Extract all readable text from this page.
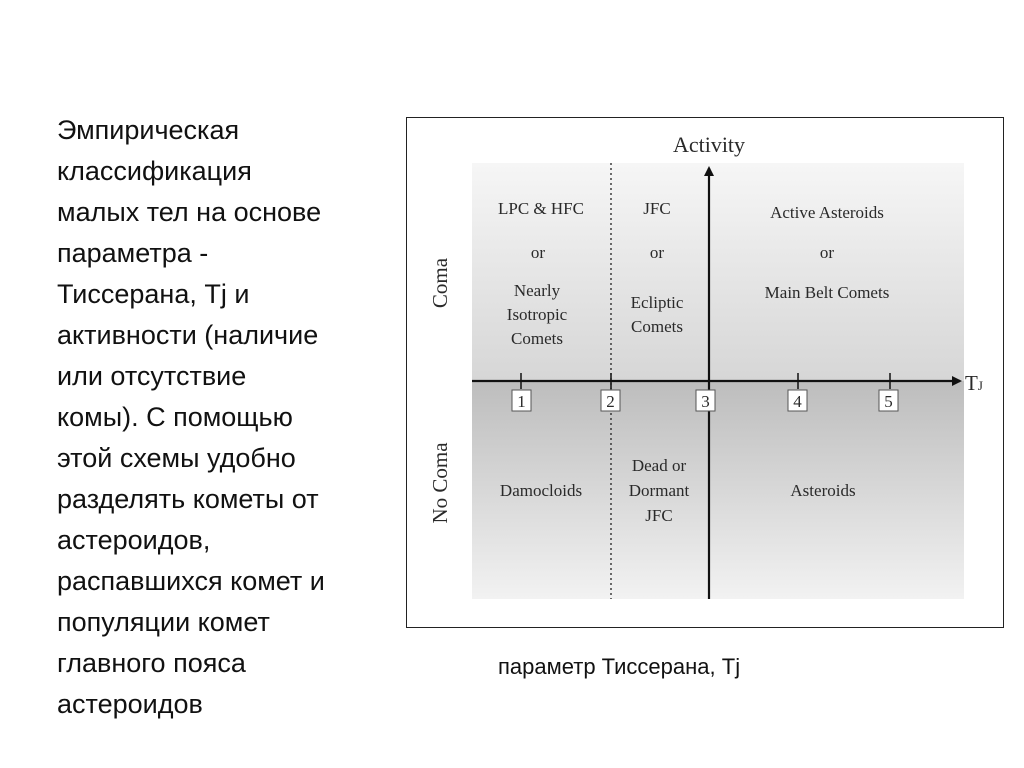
Эмпирическая
классификация
малых тел на основе
параметра -
Тиссерана, Tj и
активности (наличие
или отсутствие
комы). С помощью
этой схемы удобно
разделять кометы от
астероидов,
распавшихся комет и
популяции комет
главного пояса
астероидов
1	2	3	4	5
Activity
TJ
Coma
No Coma
LPC & HFC
or
Nearly
Isotropic
Comets
JFC
or
Ecliptic
Comets
Active Asteroids
or
Main Belt Comets
Damocloids
Dead or
Dormant
JFC
Asteroids
параметр Тиссерана, Tj
